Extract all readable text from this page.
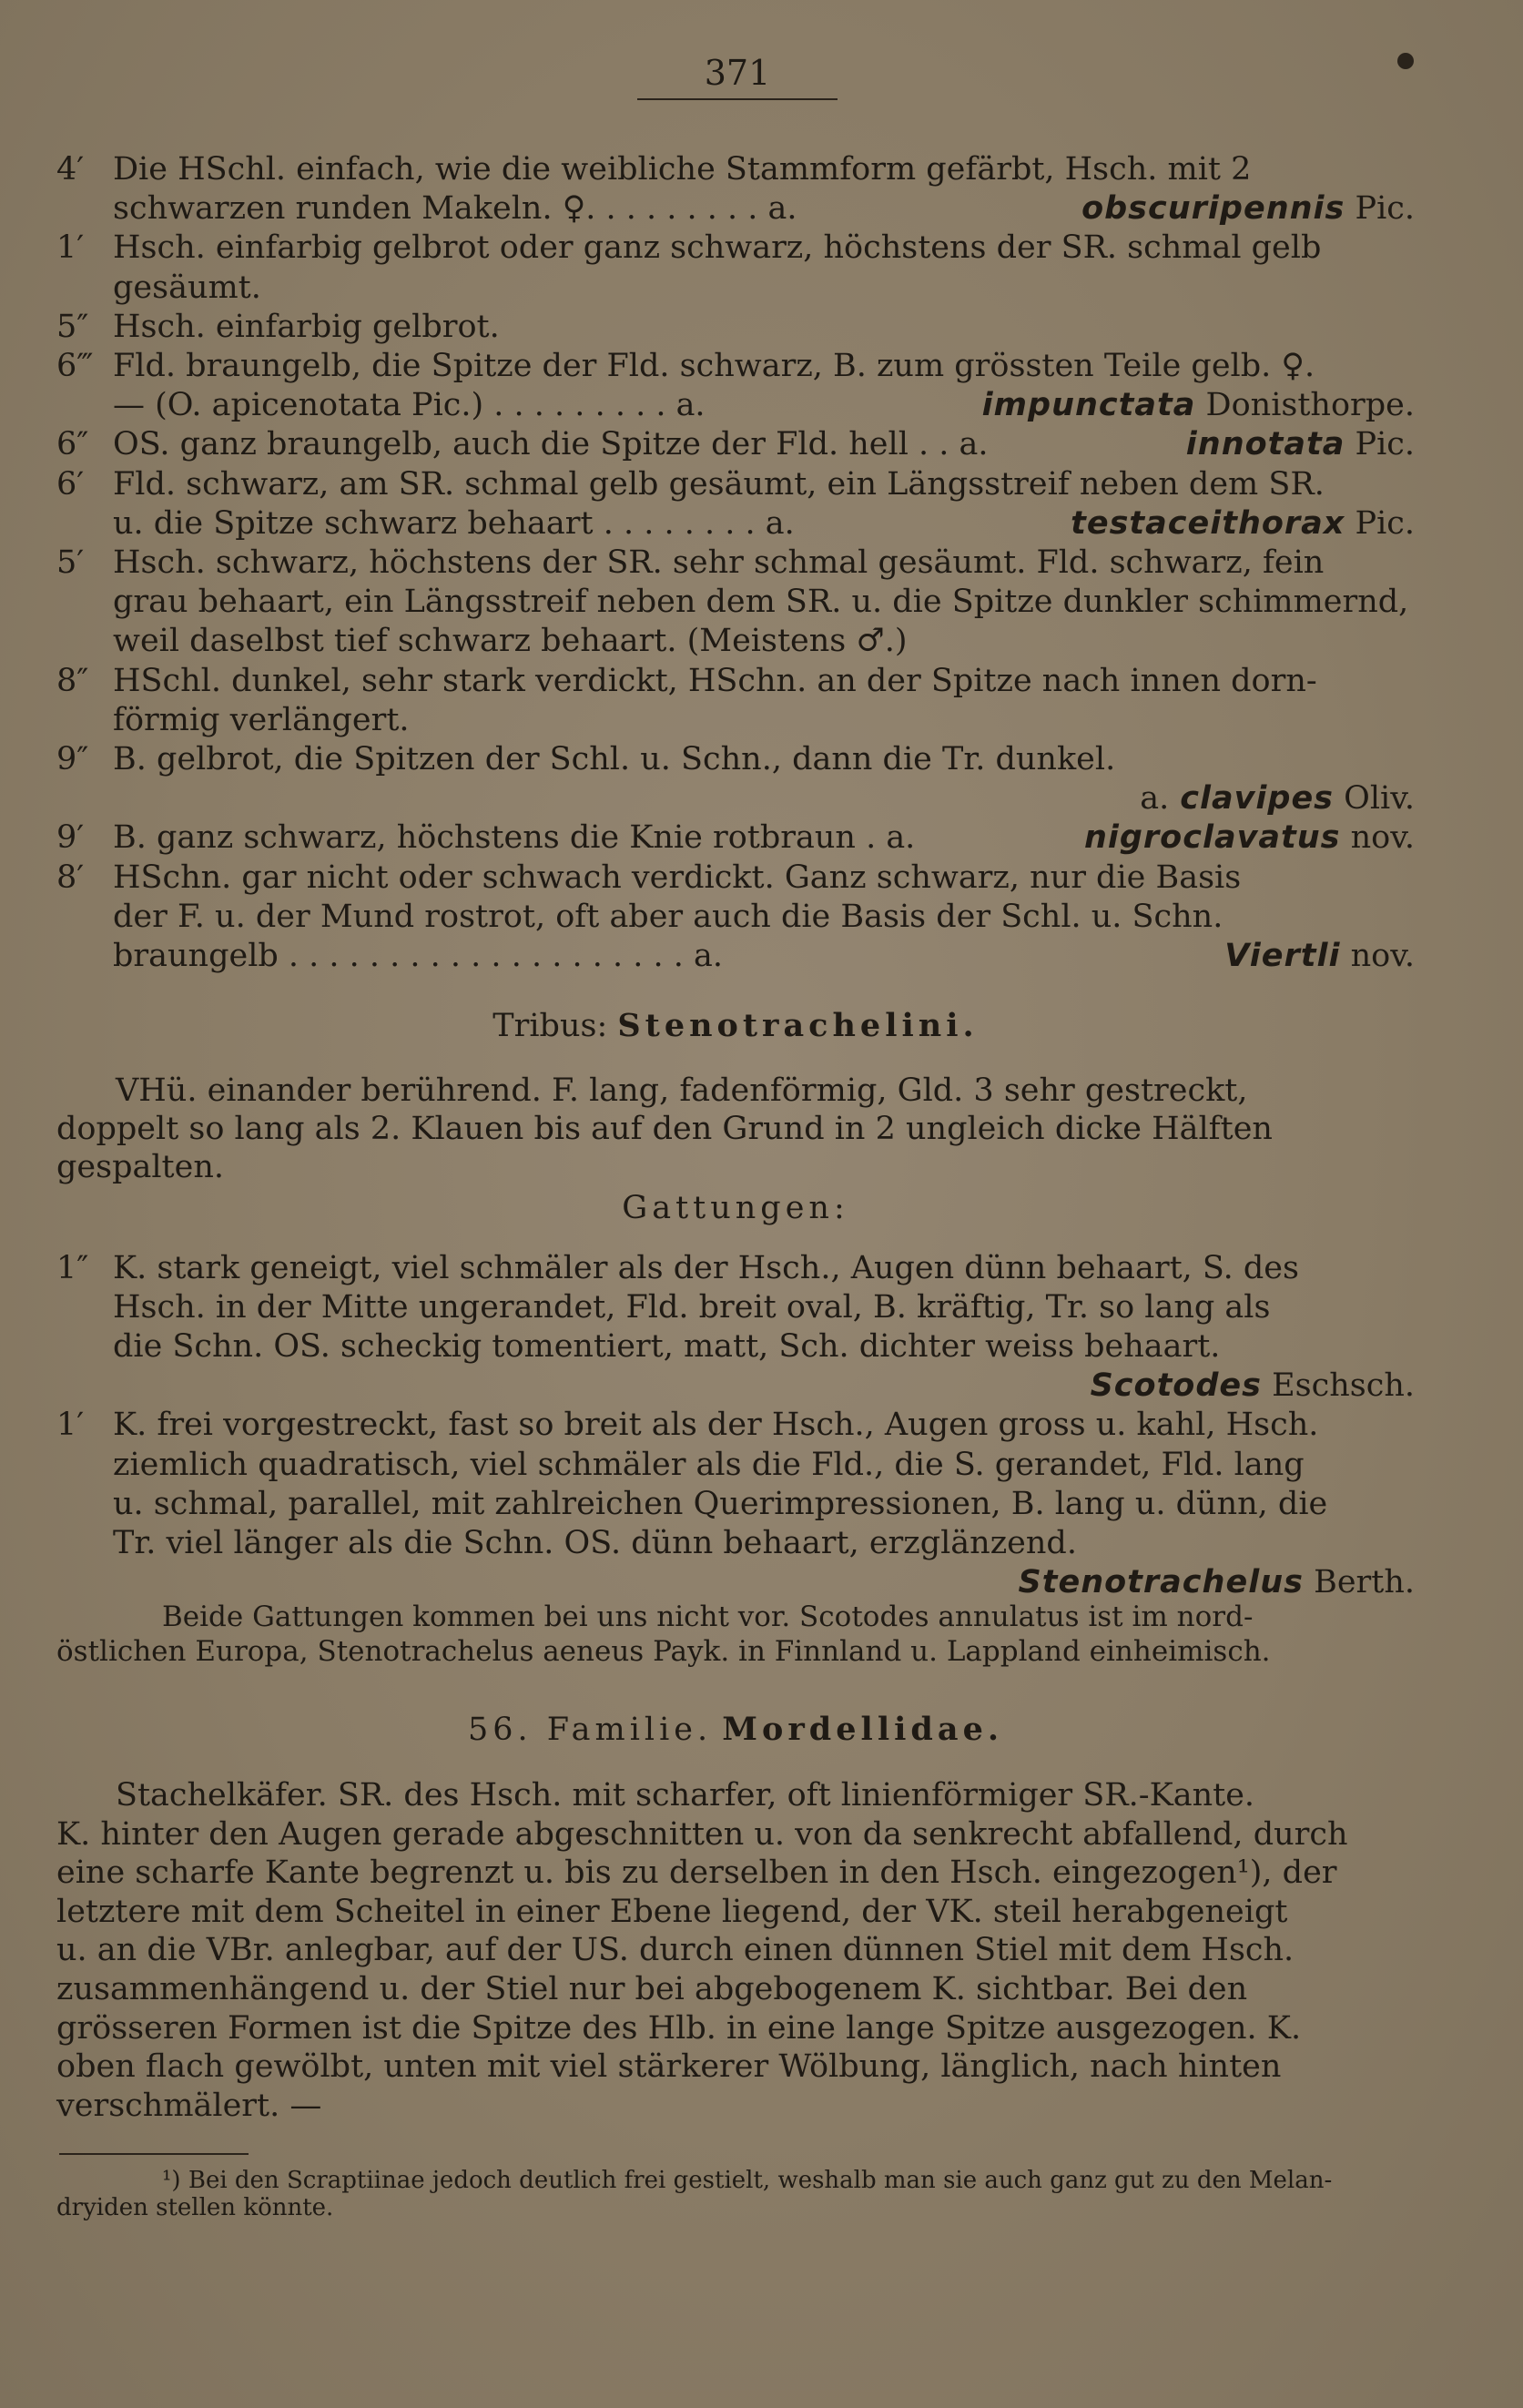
371
4′ Die HSchl. einfach, wie die weibliche Stammform gefärbt, Hsch. mit 2
schwarzen runden Makeln. ♀. . . . . . . . . a.	obscuripennis Pic.
1′ Hsch. einfarbig gelbrot oder ganz schwarz, höchstens der SR. schmal gelb
gesäumt.
5″ Hsch. einfarbig gelbrot.
6‴ Fld. braungelb, die Spitze der Fld. schwarz, B. zum grössten Teile gelb. ♀.
— (O. apicenotata Pic.) . . . . . . . . . a.	impunctata Donisthorpe.
6″ OS. ganz braungelb, auch die Spitze der Fld. hell . . a.	innotata Pic.
6′ Fld. schwarz, am SR. schmal gelb gesäumt, ein Längsstreif neben dem SR.
u. die Spitze schwarz behaart . . . . . . . . a.	testaceithorax Pic.
5′ Hsch. schwarz, höchstens der SR. sehr schmal gesäumt. Fld. schwarz, fein
grau behaart, ein Längsstreif neben dem SR. u. die Spitze dunkler schimmernd,
weil daselbst tief schwarz behaart. (Meistens ♂.)
8″ HSchl. dunkel, sehr stark verdickt, HSchn. an der Spitze nach innen dorn-
förmig verlängert.
9″ B. gelbrot, die Spitzen der Schl. u. Schn., dann die Tr. dunkel.
a. clavipes Oliv.
9′ B. ganz schwarz, höchstens die Knie rotbraun . a.	nigroclavatus nov.
8′ HSchn. gar nicht oder schwach verdickt. Ganz schwarz, nur die Basis
der F. u. der Mund rostrot, oft aber auch die Basis der Schl. u. Schn.
braungelb . . . . . . . . . . . . . . . . . . . . a.	Viertli nov.
Tribus: Stenotrachelini.
VHü. einander berührend. F. lang, fadenförmig, Gld. 3 sehr gestreckt,
doppelt so lang als 2. Klauen bis auf den Grund in 2 ungleich dicke Hälften
gespalten.
Gattungen:
1″ K. stark geneigt, viel schmäler als der Hsch., Augen dünn behaart, S. des
Hsch. in der Mitte ungerandet, Fld. breit oval, B. kräftig, Tr. so lang als
die Schn. OS. scheckig tomentiert, matt, Sch. dichter weiss behaart.
Scotodes Eschsch.
1′ K. frei vorgestreckt, fast so breit als der Hsch., Augen gross u. kahl, Hsch.
ziemlich quadratisch, viel schmäler als die Fld., die S. gerandet, Fld. lang
u. schmal, parallel, mit zahlreichen Querimpressionen, B. lang u. dünn, die
Tr. viel länger als die Schn. OS. dünn behaart, erzglänzend.
Stenotrachelus Berth.
Beide Gattungen kommen bei uns nicht vor. Scotodes annulatus ist im nord-
östlichen Europa, Stenotrachelus aeneus Payk. in Finnland u. Lappland einheimisch.
56. Familie. Mordellidae.
Stachelkäfer. SR. des Hsch. mit scharfer, oft linienförmiger SR.-Kante.
K. hinter den Augen gerade abgeschnitten u. von da senkrecht abfallend, durch
eine scharfe Kante begrenzt u. bis zu derselben in den Hsch. eingezogen¹), der
letztere mit dem Scheitel in einer Ebene liegend, der VK. steil herabgeneigt
u. an die VBr. anlegbar, auf der US. durch einen dünnen Stiel mit dem Hsch.
zusammenhängend u. der Stiel nur bei abgebogenem K. sichtbar. Bei den
grösseren Formen ist die Spitze des Hlb. in eine lange Spitze ausgezogen. K.
oben flach gewölbt, unten mit viel stärkerer Wölbung, länglich, nach hinten
verschmälert. —
¹) Bei den Scraptiinae jedoch deutlich frei gestielt, weshalb man sie auch ganz gut zu den Melan-
dryiden stellen könnte.
